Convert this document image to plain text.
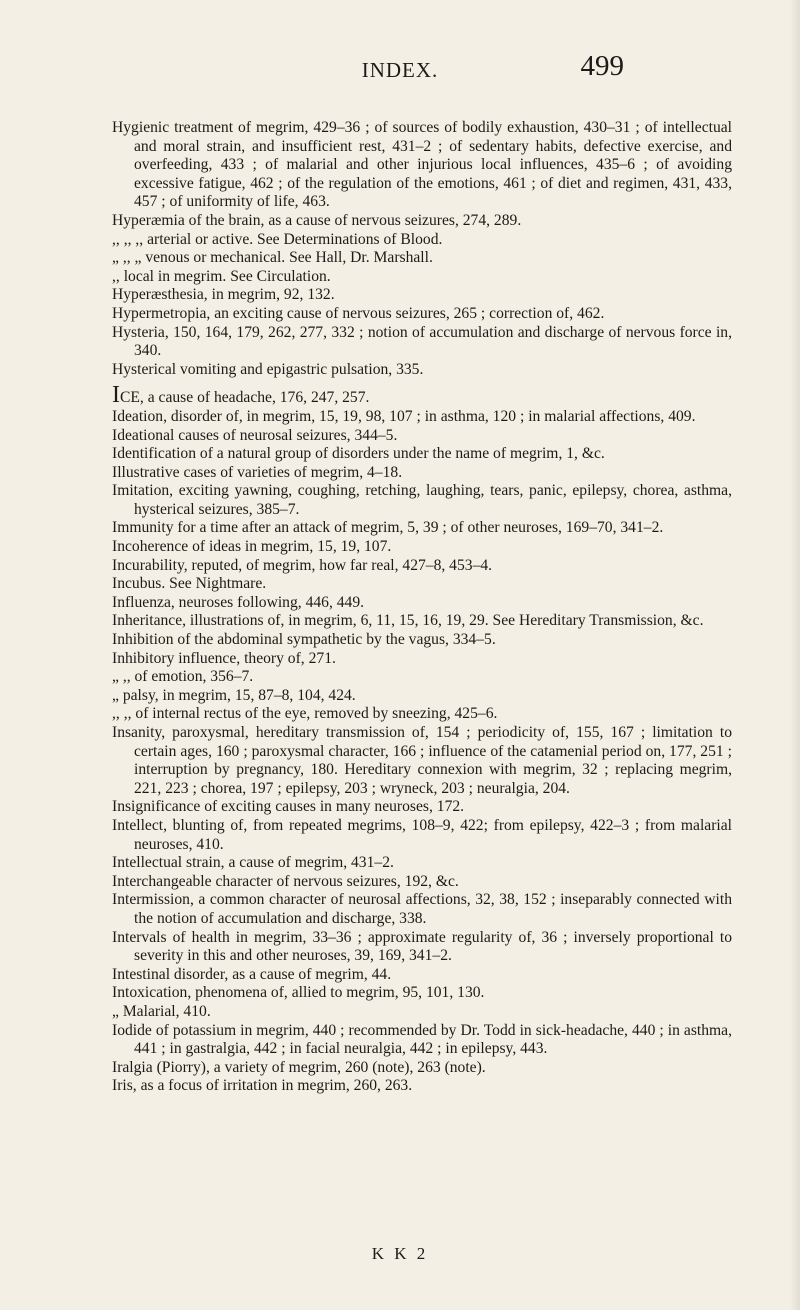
INDEX.	499

Hygienic treatment of megrim, 429–36 ; of sources of bodily exhaustion, 430–31 ; of intellectual and moral strain, and insufficient rest, 431–2 ; of sedentary habits, defective exercise, and overfeeding, 433 ; of malarial and other injurious local influences, 435–6 ; of avoiding excessive fatigue, 462 ; of the regulation of the emotions, 461 ; of diet and regimen, 431, 433, 457 ; of uniformity of life, 463.

Hyperæmia of the brain, as a cause of nervous seizures, 274, 289.

,, ,, ,, arterial or active. See Determinations of Blood.

„ ,, „ venous or mechanical. See Hall, Dr. Marshall.

,, local in megrim. See Circulation.

Hyperæsthesia, in megrim, 92, 132.

Hypermetropia, an exciting cause of nervous seizures, 265 ; correction of, 462.

Hysteria, 150, 164, 179, 262, 277, 332 ; notion of accumulation and discharge of nervous force in, 340.

Hysterical vomiting and epigastric pulsation, 335.

ICE, a cause of headache, 176, 247, 257.

Ideation, disorder of, in megrim, 15, 19, 98, 107 ; in asthma, 120 ; in malarial affections, 409.

Ideational causes of neurosal seizures, 344–5.

Identification of a natural group of disorders under the name of megrim, 1, &c.

Illustrative cases of varieties of megrim, 4–18.

Imitation, exciting yawning, coughing, retching, laughing, tears, panic, epilepsy, chorea, asthma, hysterical seizures, 385–7.

Immunity for a time after an attack of megrim, 5, 39 ; of other neuroses, 169–70, 341–2.

Incoherence of ideas in megrim, 15, 19, 107.

Incurability, reputed, of megrim, how far real, 427–8, 453–4.

Incubus. See Nightmare.

Influenza, neuroses following, 446, 449.

Inheritance, illustrations of, in megrim, 6, 11, 15, 16, 19, 29. See Hereditary Transmission, &c.

Inhibition of the abdominal sympathetic by the vagus, 334–5.

Inhibitory influence, theory of, 271.

„ ,, of emotion, 356–7.

„ palsy, in megrim, 15, 87–8, 104, 424.

,, ,, of internal rectus of the eye, removed by sneezing, 425–6.

Insanity, paroxysmal, hereditary transmission of, 154 ; periodicity of, 155, 167 ; limitation to certain ages, 160 ; paroxysmal character, 166 ; influence of the catamenial period on, 177, 251 ; interruption by pregnancy, 180. Hereditary connexion with megrim, 32 ; replacing megrim, 221, 223 ; chorea, 197 ; epilepsy, 203 ; wryneck, 203 ; neuralgia, 204.

Insignificance of exciting causes in many neuroses, 172.

Intellect, blunting of, from repeated megrims, 108–9, 422; from epilepsy, 422–3 ; from malarial neuroses, 410.

Intellectual strain, a cause of megrim, 431–2.

Interchangeable character of nervous seizures, 192, &c.

Intermission, a common character of neurosal affections, 32, 38, 152 ; inseparably connected with the notion of accumulation and discharge, 338.

Intervals of health in megrim, 33–36 ; approximate regularity of, 36 ; inversely proportional to severity in this and other neuroses, 39, 169, 341–2.

Intestinal disorder, as a cause of megrim, 44.

Intoxication, phenomena of, allied to megrim, 95, 101, 130.

„ Malarial, 410.

Iodide of potassium in megrim, 440 ; recommended by Dr. Todd in sick-headache, 440 ; in asthma, 441 ; in gastralgia, 442 ; in facial neuralgia, 442 ; in epilepsy, 443.

Iralgia (Piorry), a variety of megrim, 260 (note), 263 (note).

Iris, as a focus of irritation in megrim, 260, 263.

K K 2
